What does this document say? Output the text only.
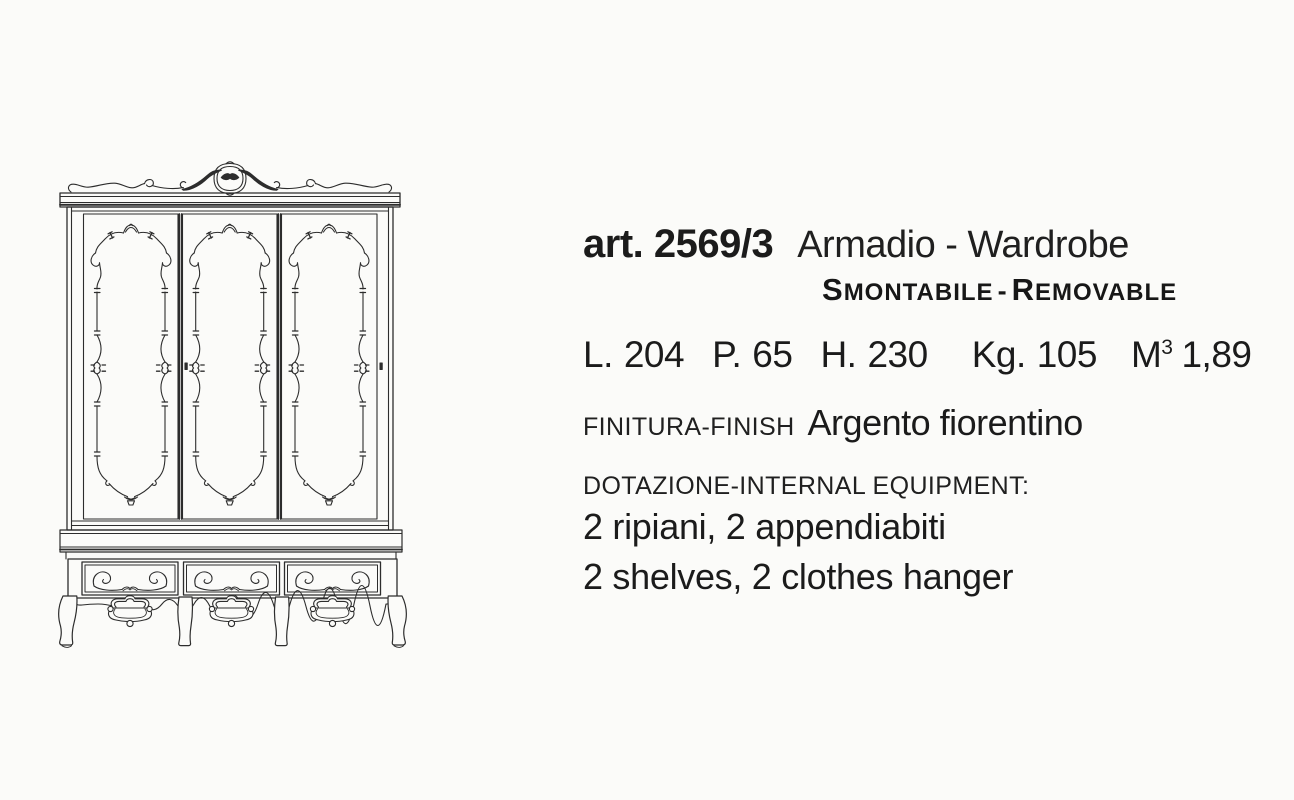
art. 2569/3 Armadio - Wardrobe
S MONTABILE - R EMOVABLE
L. 204 P. 65 H. 230 Kg. 105 $M^3$ 1,89
FINITURA-FINISH Argento fiorentino
DOTAZIONE-INTERNAL EQUIPMENT:
2 ripiani, 2 appendiabiti
2 shelves, 2 clothes hanger
